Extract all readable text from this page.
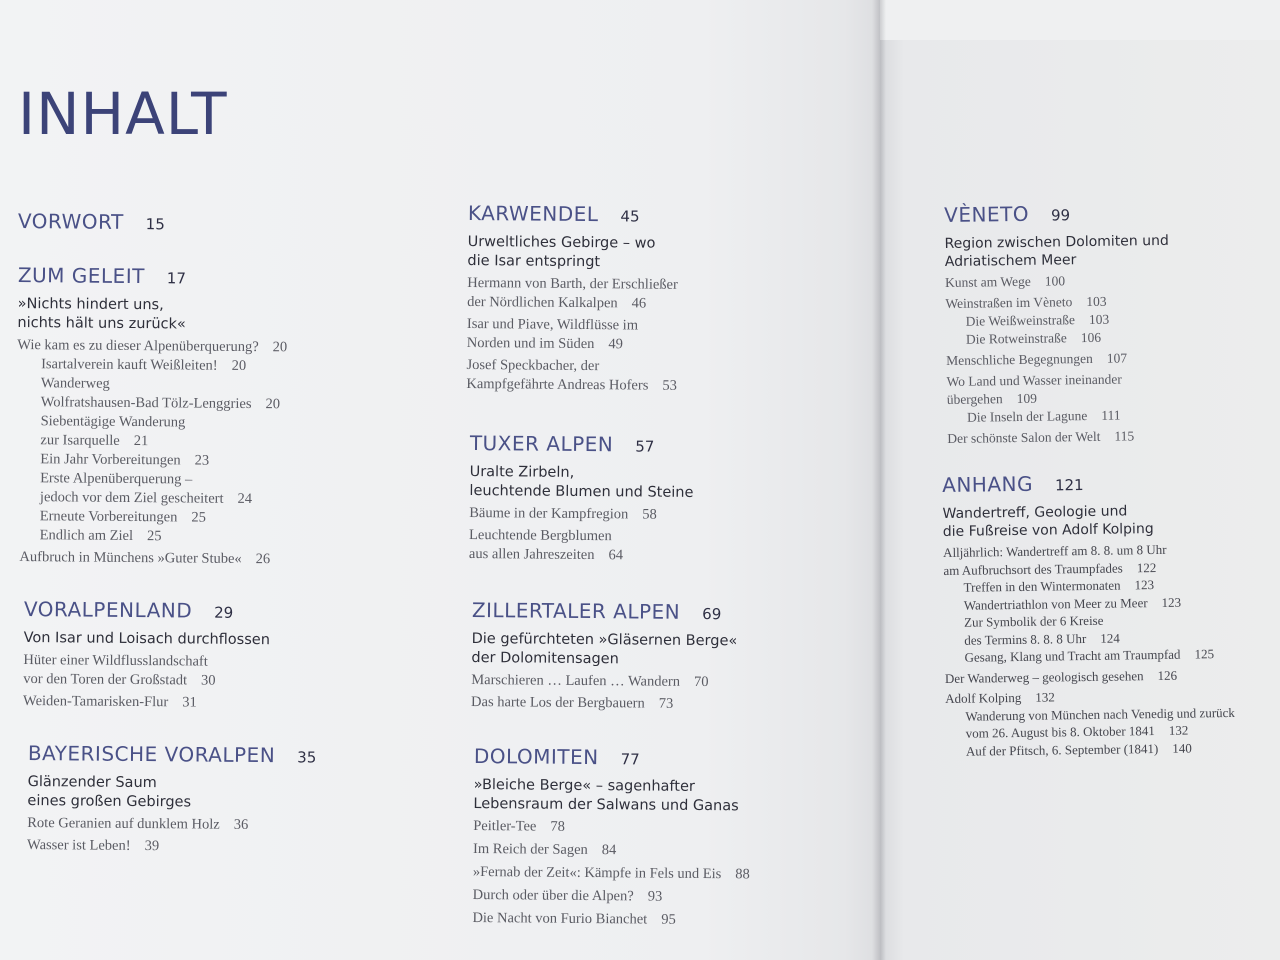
INHALT
VORWORT 15
ZUM GELEIT 17
»Nichts hindert uns,
nichts hält uns zurück«
Wie kam es zu dieser Alpenüberquerung? 20
Isartalverein kauft Weißleiten! 20
Wanderweg
Wolfratshausen-Bad Tölz-Lenggries 20
Siebentägige Wanderung
zur Isarquelle 21
Ein Jahr Vorbereitungen 23
Erste Alpenüberquerung –
jedoch vor dem Ziel gescheitert 24
Erneute Vorbereitungen 25
Endlich am Ziel 25
Aufbruch in Münchens »Guter Stube« 26
VORALPENLAND 29
Von Isar und Loisach durchflossen
Hüter einer Wildflusslandschaft
vor den Toren der Großstadt 30
Weiden-Tamarisken-Flur 31
BAYERISCHE VORALPEN 35
Glänzender Saum
eines großen Gebirges
Rote Geranien auf dunklem Holz 36
Wasser ist Leben! 39
KARWENDEL 45
Urweltliches Gebirge – wo
die Isar entspringt
Hermann von Barth, der Erschließer
der Nördlichen Kalkalpen 46
Isar und Piave, Wildflüsse im
Norden und im Süden 49
Josef Speckbacher, der
Kampfgefährte Andreas Hofers 53
TUXER ALPEN 57
Uralte Zirbeln,
leuchtende Blumen und Steine
Bäume in der Kampfregion 58
Leuchtende Bergblumen
aus allen Jahreszeiten 64
ZILLERTALER ALPEN 69
Die gefürchteten »Gläsernen Berge«
der Dolomitensagen
Marschieren … Laufen … Wandern 70
Das harte Los der Bergbauern 73
DOLOMITEN 77
»Bleiche Berge« – sagenhafter
Lebensraum der Salwans und Ganas
Peitler-Tee 78
Im Reich der Sagen 84
»Fernab der Zeit«: Kämpfe in Fels und Eis 88
Durch oder über die Alpen? 93
Die Nacht von Furio Bianchet 95
VÈNETO 99
Region zwischen Dolomiten und
Adriatischem Meer
Kunst am Wege 100
Weinstraßen im Vèneto 103
Die Weißweinstraße 103
Die Rotweinstraße 106
Menschliche Begegnungen 107
Wo Land und Wasser ineinander
übergehen 109
Die Inseln der Lagune 111
Der schönste Salon der Welt 115
ANHANG 121
Wandertreff, Geologie und
die Fußreise von Adolf Kolping
Alljährlich: Wandertreff am 8. 8. um 8 Uhr
am Aufbruchsort des Traumpfades 122
Treffen in den Wintermonaten 123
Wandertriathlon von Meer zu Meer 123
Zur Symbolik der 6 Kreise
des Termins 8. 8. 8 Uhr 124
Gesang, Klang und Tracht am Traumpfad 125
Der Wanderweg – geologisch gesehen 126
Adolf Kolping 132
Wanderung von München nach Venedig und zurück
vom 26. August bis 8. Oktober 1841 132
Auf der Pfitsch, 6. September (1841) 140
